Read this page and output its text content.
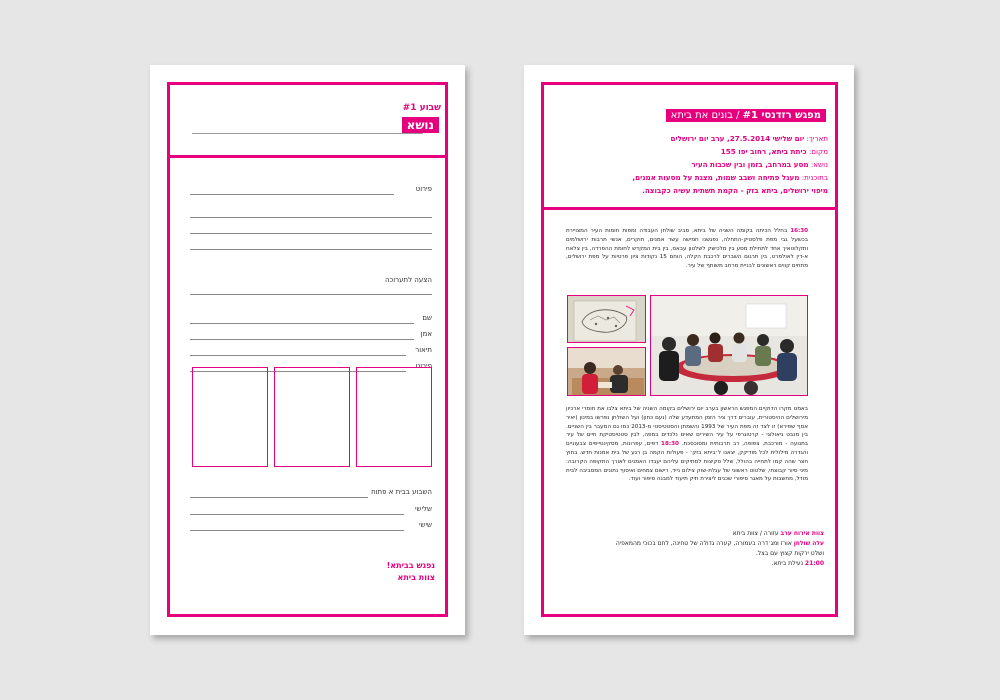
שבוע #1
נושא
פירוט
הצעה לתערוכה
שם
אמן
תיאור
פירוט
השבוע בבית א פתוח
שלישי
שישי
נפגש בביתא!
צוות ביתא
מפגש רזדנסי #1 / בונים את ביתא
תאריך: יום שלישי 27.5.2014, ערב יום ירושלים
מקום: כיתת ביתא, רחוב יפו 155
נושא: מסע במרחב, בזמן ובין שכבות העיר
בתוכנית: מעגל פתיחה ושבב שמות, מצגת על מסעות אמנים,
מיפוי ירושלים, ביתא בזק - הקמת תשתית עשיה כקבוצה.
16:30 בחלל הכיתה בקומה השניה של ביתא, סביב שולחן העבודה ומפות חומות העיר המצויירת בכשעל גבי מפת פלסטיק-התחלה, נפגשנו חמישה עשר אמנים, חוקרים, אנשי תרבות ירושלמים ותקלוטאיך אחד לתחילת מסע בין מלכישק לשלטון עבאס, בין בית המקדש לחומת ההפרדה, בין צלאח א-דין לאולמרט, בין תרגום השברים לרכבת הקלה, הוחם 15 נקודות ציון פרטיות על מפת ירושלים, מתחים קווים ראשונים לבניית מרחב משותף של עיר.
באמנו מקרו הדוקיים המפגש הראשון בערב יום ירושלים בקומה השניה של ביתא צלבו את חומרי ארכיון מירושלים ההיסטורית, עוברים דרך ציר הזמן המתעדע שלה (נעם כחון) ועל השולחן נפרשו במינון (יאיר אסף שפירא) זו לצד זה מפת העיר של 1993 והשמתן והסטטיסטי מ-2013 כמו גם המעבר בין השניים. בין מנבט גיאולוגי - קרטוגרפי על עיר השירים שאים נלכדים במפה, לבין סטטיסטיקת חיים של עיר בתנועה - מורכבת, צפופה, רב תרבותית ומסוכסכת. 18:30 דפים, עפרונות, מסקינטייפים צבעוניים והגדרה מילולית לכל מודיקק, יצאנו ל׳ביתא בזק׳ - פעולות הקמה בן רגע של בית אמנות חדש. בחוץ חצר שהה קמו לתחייה בהולל, שלל סקיצות למתיקים עליהם יעבדו האמנים לאורך התקופה הקרובה: מיני סיור קבוצתי, שלטוט ראשוני של עגלת-שוק צילום נייד, רישום צמחים ואיסוף נתונים המסביבה לבית מודל, מחשבות על מאגר סיפורי שכנים ליצירת תיק תיעוד למבנה סיפור ועוד.
צוות אירוח ערב עזורה / צוות ביתא
עלה שולחן אורז ומג׳דרה בעמורה, קערה גדולה של טחינה, לחם בכוכי מהמאפיה
ושלט ירקות קצוץ עם בצל.
21:00 נעילת ביתא.
